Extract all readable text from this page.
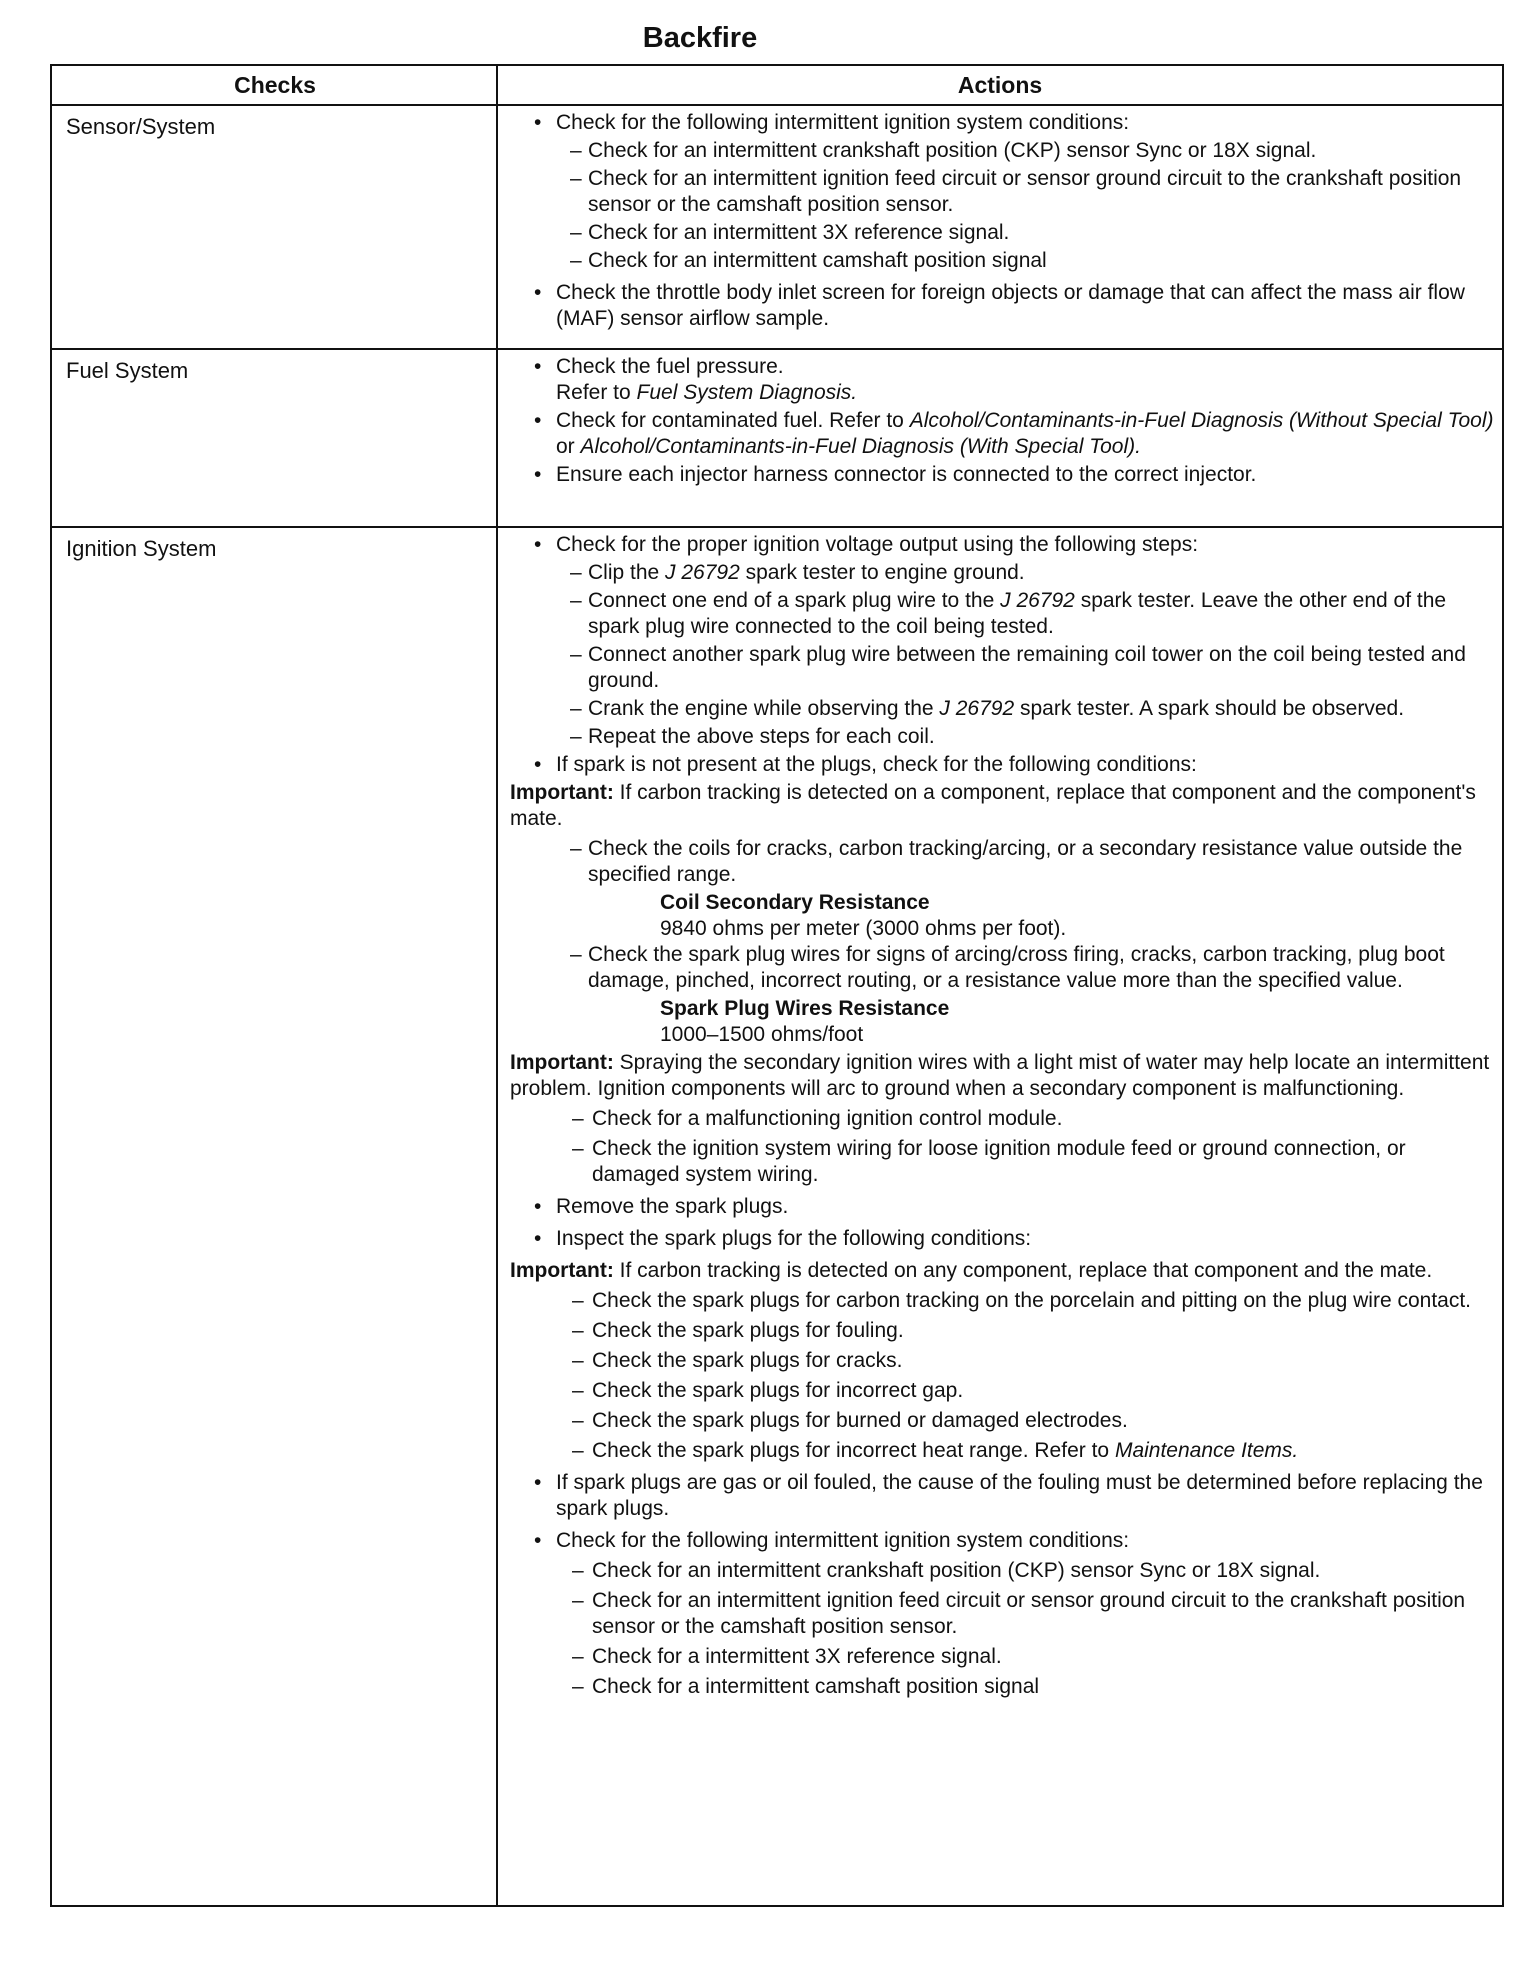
Backfire
Checks	Actions
Sensor/System	• Check for the following intermittent ignition system conditions:
– Check for an intermittent crankshaft position (CKP) sensor Sync or 18X signal.
– Check for an intermittent ignition feed circuit or sensor ground circuit to the crankshaft position sensor or the camshaft position sensor.
– Check for an intermittent 3X reference signal.
– Check for an intermittent camshaft position signal
• Check the throttle body inlet screen for foreign objects or damage that can affect the mass air flow (MAF) sensor airflow sample.
Fuel System	• Check the fuel pressure.
Refer to Fuel System Diagnosis.
• Check for contaminated fuel. Refer to Alcohol/Contaminants-in-Fuel Diagnosis (Without Special Tool) or Alcohol/Contaminants-in-Fuel Diagnosis (With Special Tool).
• Ensure each injector harness connector is connected to the correct injector.
Ignition System	• Check for the proper ignition voltage output using the following steps:
– Clip the J 26792 spark tester to engine ground.
– Connect one end of a spark plug wire to the J 26792 spark tester. Leave the other end of the spark plug wire connected to the coil being tested.
– Connect another spark plug wire between the remaining coil tower on the coil being tested and ground.
– Crank the engine while observing the J 26792 spark tester. A spark should be observed.
– Repeat the above steps for each coil.
• If spark is not present at the plugs, check for the following conditions:
Important: If carbon tracking is detected on a component, replace that component and the component's mate.
– Check the coils for cracks, carbon tracking/arcing, or a secondary resistance value outside the specified range.
Coil Secondary Resistance
9840 ohms per meter (3000 ohms per foot).
– Check the spark plug wires for signs of arcing/cross firing, cracks, carbon tracking, plug boot damage, pinched, incorrect routing, or a resistance value more than the specified value.
Spark Plug Wires Resistance
1000–1500 ohms/foot
Important: Spraying the secondary ignition wires with a light mist of water may help locate an intermittent problem. Ignition components will arc to ground when a secondary component is malfunctioning.
– Check for a malfunctioning ignition control module.
– Check the ignition system wiring for loose ignition module feed or ground connection, or damaged system wiring.
• Remove the spark plugs.
• Inspect the spark plugs for the following conditions:
Important: If carbon tracking is detected on any component, replace that component and the mate.
– Check the spark plugs for carbon tracking on the porcelain and pitting on the plug wire contact.
– Check the spark plugs for fouling.
– Check the spark plugs for cracks.
– Check the spark plugs for incorrect gap.
– Check the spark plugs for burned or damaged electrodes.
– Check the spark plugs for incorrect heat range. Refer to Maintenance Items.
• If spark plugs are gas or oil fouled, the cause of the fouling must be determined before replacing the spark plugs.
• Check for the following intermittent ignition system conditions:
– Check for an intermittent crankshaft position (CKP) sensor Sync or 18X signal.
– Check for an intermittent ignition feed circuit or sensor ground circuit to the crankshaft position sensor or the camshaft position sensor.
– Check for a intermittent 3X reference signal.
– Check for a intermittent camshaft position signal
